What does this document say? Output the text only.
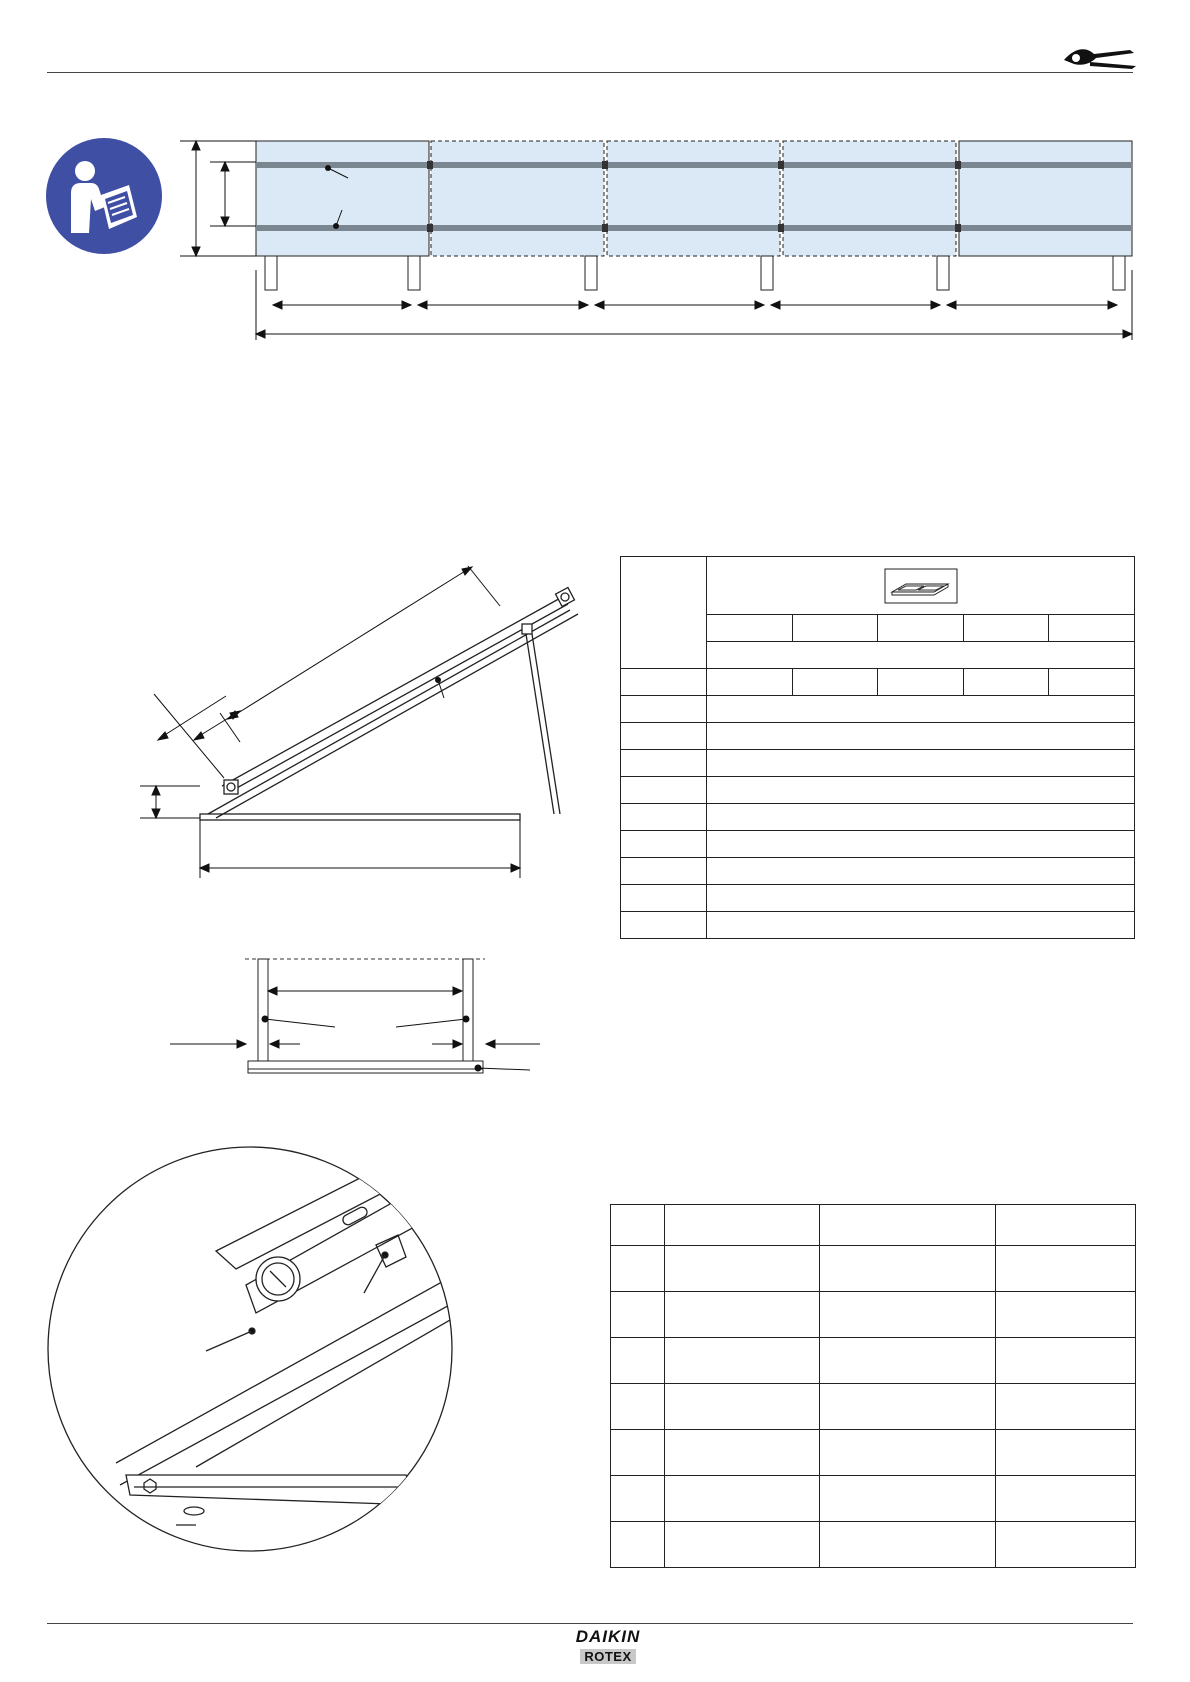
DAIKIN
ROTEX
